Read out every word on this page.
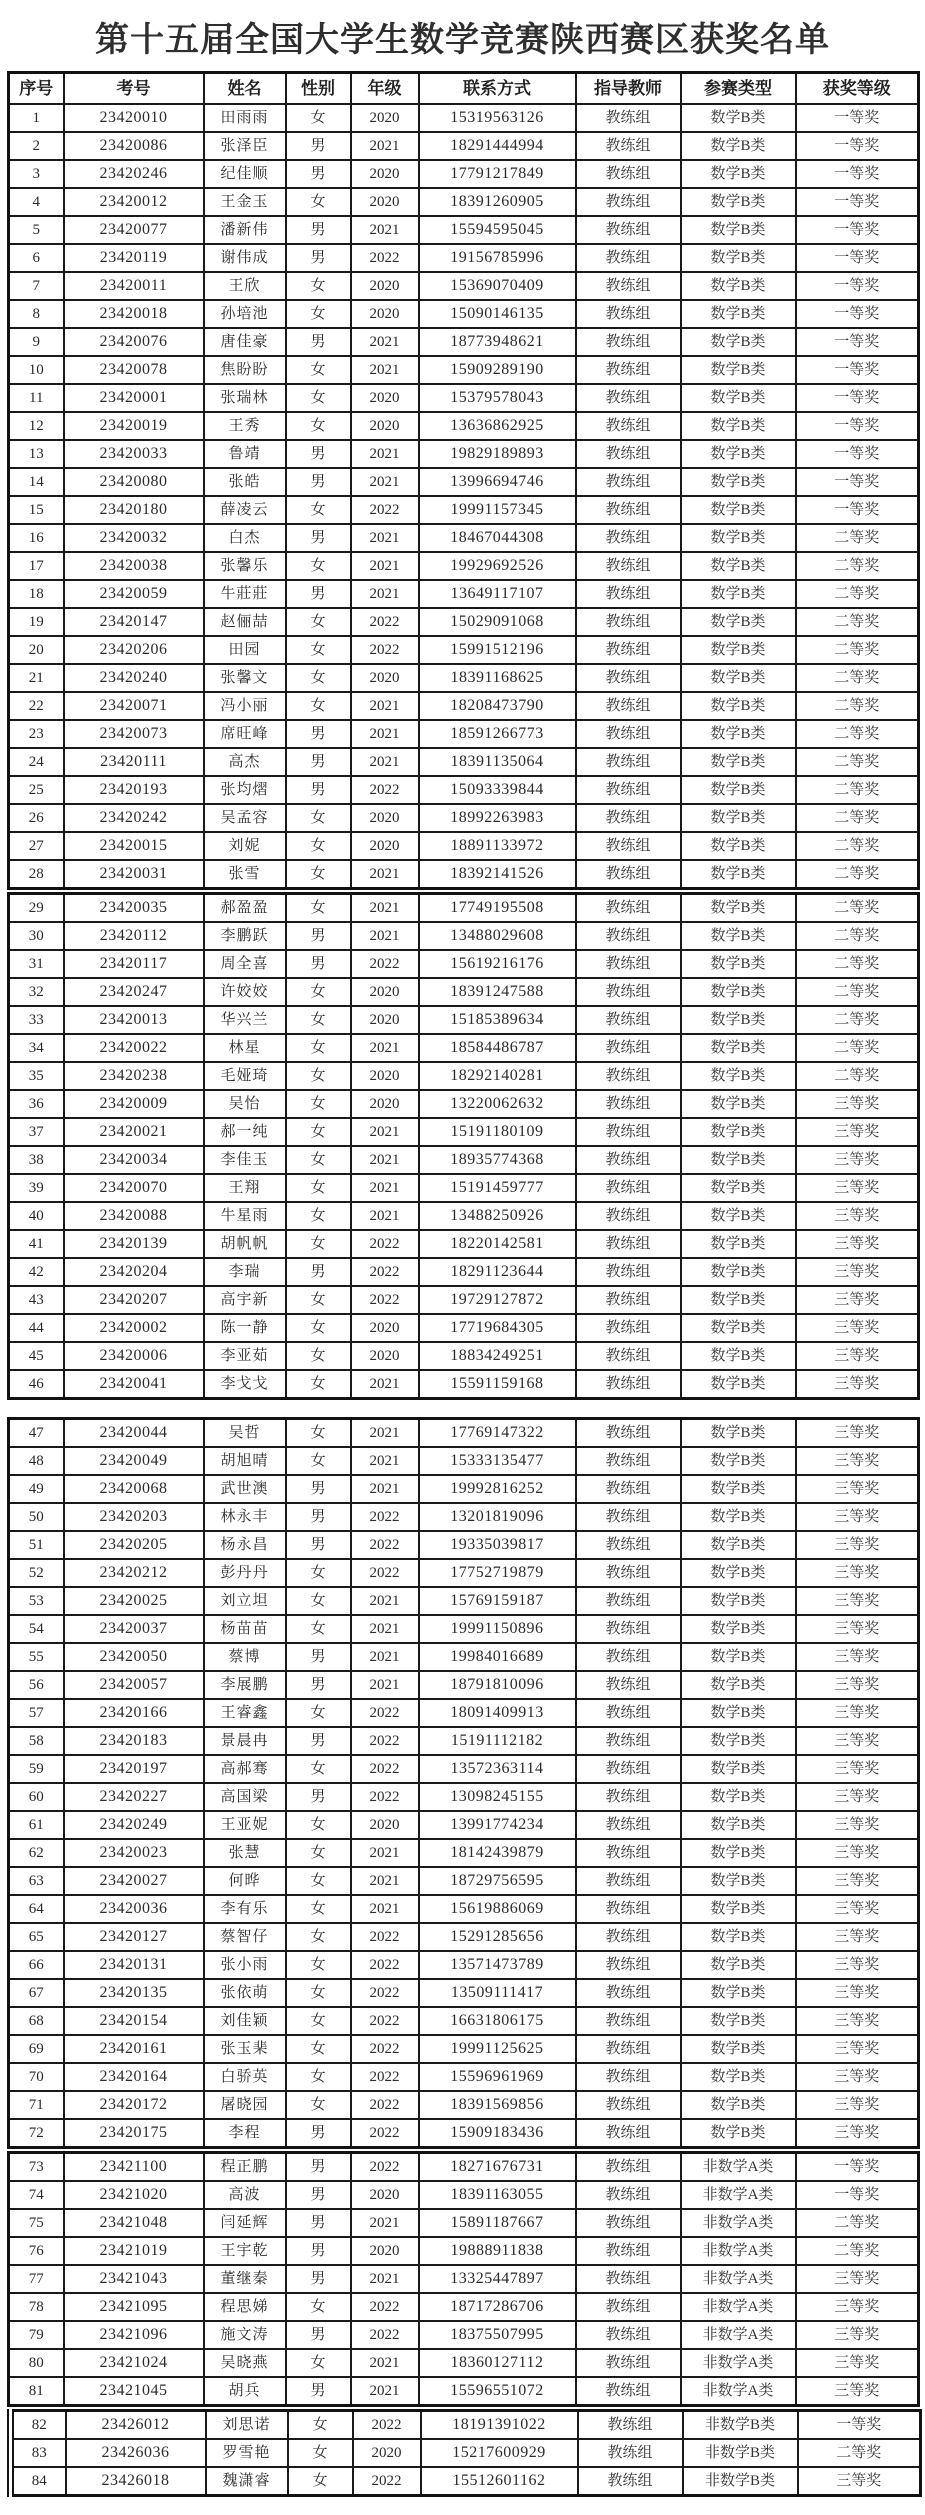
第十五届全国大学生数学竞赛陕西赛区获奖名单
序号	考号	姓名	性别	年级	联系方式	指导教师	参赛类型	获奖等级
1	23420010	田雨雨	女	2020	15319563126	教练组	数学B类	一等奖
2	23420086	张泽臣	男	2021	18291444994	教练组	数学B类	一等奖
3	23420246	纪佳顺	男	2020	17791217849	教练组	数学B类	一等奖
4	23420012	王金玉	女	2020	18391260905	教练组	数学B类	一等奖
5	23420077	潘新伟	男	2021	15594595045	教练组	数学B类	一等奖
6	23420119	谢伟成	男	2022	19156785996	教练组	数学B类	一等奖
7	23420011	王欣	女	2020	15369070409	教练组	数学B类	一等奖
8	23420018	孙培池	女	2020	15090146135	教练组	数学B类	一等奖
9	23420076	唐佳豪	男	2021	18773948621	教练组	数学B类	一等奖
10	23420078	焦盼盼	女	2021	15909289190	教练组	数学B类	一等奖
11	23420001	张瑞林	女	2020	15379578043	教练组	数学B类	一等奖
12	23420019	王秀	女	2020	13636862925	教练组	数学B类	一等奖
13	23420033	鲁靖	男	2021	19829189893	教练组	数学B类	一等奖
14	23420080	张皓	男	2021	13996694746	教练组	数学B类	一等奖
15	23420180	薛凌云	女	2022	19991157345	教练组	数学B类	一等奖
16	23420032	白杰	男	2021	18467044308	教练组	数学B类	二等奖
17	23420038	张馨乐	女	2021	19929692526	教练组	数学B类	二等奖
18	23420059	牛莊莊	男	2021	13649117107	教练组	数学B类	二等奖
19	23420147	赵俪喆	女	2022	15029091068	教练组	数学B类	二等奖
20	23420206	田园	女	2022	15991512196	教练组	数学B类	二等奖
21	23420240	张馨文	女	2020	18391168625	教练组	数学B类	二等奖
22	23420071	冯小丽	女	2021	18208473790	教练组	数学B类	二等奖
23	23420073	席旺峰	男	2021	18591266773	教练组	数学B类	二等奖
24	23420111	高杰	男	2021	18391135064	教练组	数学B类	二等奖
25	23420193	张均熠	男	2022	15093339844	教练组	数学B类	二等奖
26	23420242	吴孟容	女	2020	18992263983	教练组	数学B类	二等奖
27	23420015	刘妮	女	2020	18891133972	教练组	数学B类	二等奖
28	23420031	张雪	女	2021	18392141526	教练组	数学B类	二等奖
29	23420035	郝盈盈	女	2021	17749195508	教练组	数学B类	二等奖
30	23420112	李鹏跃	男	2021	13488029608	教练组	数学B类	二等奖
31	23420117	周全喜	男	2022	15619216176	教练组	数学B类	二等奖
32	23420247	许姣姣	女	2020	18391247588	教练组	数学B类	二等奖
33	23420013	华兴兰	女	2020	15185389634	教练组	数学B类	二等奖
34	23420022	林星	女	2021	18584486787	教练组	数学B类	二等奖
35	23420238	毛娅琦	女	2020	18292140281	教练组	数学B类	二等奖
36	23420009	吴怡	女	2020	13220062632	教练组	数学B类	三等奖
37	23420021	郝一纯	女	2021	15191180109	教练组	数学B类	三等奖
38	23420034	李佳玉	女	2021	18935774368	教练组	数学B类	三等奖
39	23420070	王翔	女	2021	15191459777	教练组	数学B类	三等奖
40	23420088	牛星雨	女	2021	13488250926	教练组	数学B类	三等奖
41	23420139	胡帆帆	女	2022	18220142581	教练组	数学B类	三等奖
42	23420204	李瑞	男	2022	18291123644	教练组	数学B类	三等奖
43	23420207	高宇新	女	2022	19729127872	教练组	数学B类	三等奖
44	23420002	陈一静	女	2020	17719684305	教练组	数学B类	三等奖
45	23420006	李亚茹	女	2020	18834249251	教练组	数学B类	三等奖
46	23420041	李戈戈	女	2021	15591159168	教练组	数学B类	三等奖
47	23420044	吴哲	女	2021	17769147322	教练组	数学B类	三等奖
48	23420049	胡旭晴	女	2021	15333135477	教练组	数学B类	三等奖
49	23420068	武世澳	男	2021	19992816252	教练组	数学B类	三等奖
50	23420203	林永丰	男	2022	13201819096	教练组	数学B类	三等奖
51	23420205	杨永昌	男	2022	19335039817	教练组	数学B类	三等奖
52	23420212	彭丹丹	女	2022	17752719879	教练组	数学B类	三等奖
53	23420025	刘立坦	女	2021	15769159187	教练组	数学B类	三等奖
54	23420037	杨苗苗	女	2021	19991150896	教练组	数学B类	三等奖
55	23420050	蔡博	男	2021	19984016689	教练组	数学B类	三等奖
56	23420057	李展鹏	男	2021	18791810096	教练组	数学B类	三等奖
57	23420166	王睿鑫	女	2022	18091409913	教练组	数学B类	三等奖
58	23420183	景晨冉	男	2022	15191112182	教练组	数学B类	三等奖
59	23420197	高郝骞	女	2022	13572363114	教练组	数学B类	三等奖
60	23420227	高国梁	男	2022	13098245155	教练组	数学B类	三等奖
61	23420249	王亚妮	女	2020	13991774234	教练组	数学B类	三等奖
62	23420023	张慧	女	2021	18142439879	教练组	数学B类	三等奖
63	23420027	何晔	女	2021	18729756595	教练组	数学B类	三等奖
64	23420036	李有乐	女	2021	15619886069	教练组	数学B类	三等奖
65	23420127	蔡智仔	女	2022	15291285656	教练组	数学B类	三等奖
66	23420131	张小雨	女	2022	13571473789	教练组	数学B类	三等奖
67	23420135	张依萌	女	2022	13509111417	教练组	数学B类	三等奖
68	23420154	刘佳颖	女	2022	16631806175	教练组	数学B类	三等奖
69	23420161	张玉棐	女	2022	19991125625	教练组	数学B类	三等奖
70	23420164	白骄英	女	2022	15596961969	教练组	数学B类	三等奖
71	23420172	屠晓园	女	2022	18391569856	教练组	数学B类	三等奖
72	23420175	李程	男	2022	15909183436	教练组	数学B类	三等奖
73	23421100	程正鹏	男	2022	18271676731	教练组	非数学A类	一等奖
74	23421020	高波	男	2020	18391163055	教练组	非数学A类	一等奖
75	23421048	闫延辉	男	2021	15891187667	教练组	非数学A类	二等奖
76	23421019	王宇乾	男	2020	19888911838	教练组	非数学A类	二等奖
77	23421043	董继秦	男	2021	13325447897	教练组	非数学A类	三等奖
78	23421095	程思娣	女	2022	18717286706	教练组	非数学A类	三等奖
79	23421096	施文涛	男	2022	18375507995	教练组	非数学A类	三等奖
80	23421024	吴晓燕	女	2021	18360127112	教练组	非数学A类	三等奖
81	23421045	胡兵	男	2021	15596551072	教练组	非数学A类	三等奖
82	23426012	刘思诺	女	2022	18191391022	教练组	非数学B类	一等奖
83	23426036	罗雪艳	女	2020	15217600929	教练组	非数学B类	二等奖
84	23426018	魏潇睿	女	2022	15512601162	教练组	非数学B类	三等奖
